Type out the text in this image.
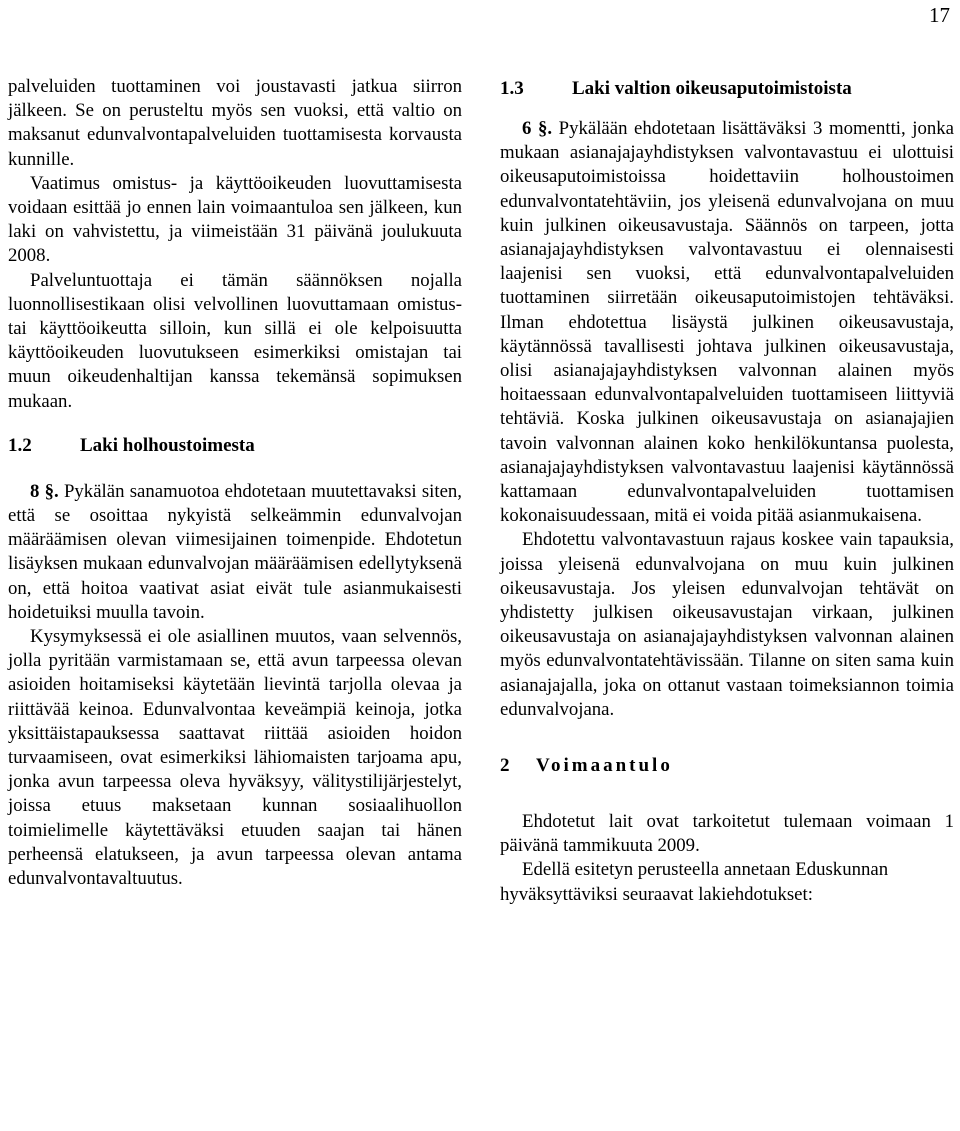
17

palveluiden tuottaminen voi joustavasti jatkua siirron jälkeen. Se on perusteltu myös sen vuoksi, että valtio on maksanut edunvalvontapalveluiden tuottamisesta korvausta kunnille.

Vaatimus omistus- ja käyttöoikeuden luovuttamisesta voidaan esittää jo ennen lain voimaantuloa sen jälkeen, kun laki on vahvistettu, ja viimeistään 31 päivänä joulukuuta 2008.

Palveluntuottaja ei tämän säännöksen nojalla luonnollisestikaan olisi velvollinen luovuttamaan omistus- tai käyttöoikeutta silloin, kun sillä ei ole kelpoisuutta käyttöoikeuden luovutukseen esimerkiksi omistajan tai muun oikeudenhaltijan kanssa tekemänsä sopimuksen mukaan.

1.2	Laki holhoustoimesta

8 §. Pykälän sanamuotoa ehdotetaan muutettavaksi siten, että se osoittaa nykyistä selkeämmin edunvalvojan määräämisen olevan viimesijainen toimenpide. Ehdotetun lisäyksen mukaan edunvalvojan määräämisen edellytyksenä on, että hoitoa vaativat asiat eivät tule asianmukaisesti hoidetuiksi muulla tavoin.

Kysymyksessä ei ole asiallinen muutos, vaan selvennös, jolla pyritään varmistamaan se, että avun tarpeessa olevan asioiden hoitamiseksi käytetään lievintä tarjolla olevaa ja riittävää keinoa. Edunvalvontaa keveämpiä keinoja, jotka yksittäistapauksessa saattavat riittää asioiden hoidon turvaamiseen, ovat esimerkiksi lähiomaisten tarjoama apu, jonka avun tarpeessa oleva hyväksyy, välitystilijärjestelyt, joissa etuus maksetaan kunnan sosiaalihuollon toimielimelle käytettäväksi etuuden saajan tai hänen perheensä elatukseen, ja avun tarpeessa olevan antama edunvalvontavaltuutus.

1.3	Laki valtion oikeusaputoimistoista

6 §. Pykälään ehdotetaan lisättäväksi 3 momentti, jonka mukaan asianajajayhdistyksen valvontavastuu ei ulottuisi oikeusaputoimistoissa hoidettaviin holhoustoimen edunvalvontatehtäviin, jos yleisenä edunvalvojana on muu kuin julkinen oikeusavustaja. Säännös on tarpeen, jotta asianajajayhdistyksen valvontavastuu ei olennaisesti laajenisi sen vuoksi, että edunvalvontapalveluiden tuottaminen siirretään oikeusaputoimistojen tehtäväksi. Ilman ehdotettua lisäystä julkinen oikeusavustaja, käytännössä tavallisesti johtava julkinen oikeusavustaja, olisi asianajajayhdistyksen valvonnan alainen myös hoitaessaan edunvalvontapalveluiden tuottamiseen liittyviä tehtäviä. Koska julkinen oikeusavustaja on asianajajien tavoin valvonnan alainen koko henkilökuntansa puolesta, asianajajayhdistyksen valvontavastuu laajenisi käytännössä kattamaan edunvalvontapalveluiden tuottamisen kokonaisuudessaan, mitä ei voida pitää asianmukaisena.

Ehdotettu valvontavastuun rajaus koskee vain tapauksia, joissa yleisenä edunvalvojana on muu kuin julkinen oikeusavustaja. Jos yleisen edunvalvojan tehtävät on yhdistetty julkisen oikeusavustajan virkaan, julkinen oikeusavustaja on asianajajayhdistyksen valvonnan alainen myös edunvalvontatehtävissään. Tilanne on siten sama kuin asianajajalla, joka on ottanut vastaan toimeksiannon toimia edunvalvojana.

2 Voimaantulo

Ehdotetut lait ovat tarkoitetut tulemaan voimaan 1 päivänä tammikuuta 2009.

Edellä esitetyn perusteella annetaan Eduskunnan hyväksyttäviksi seuraavat lakiehdotukset:
